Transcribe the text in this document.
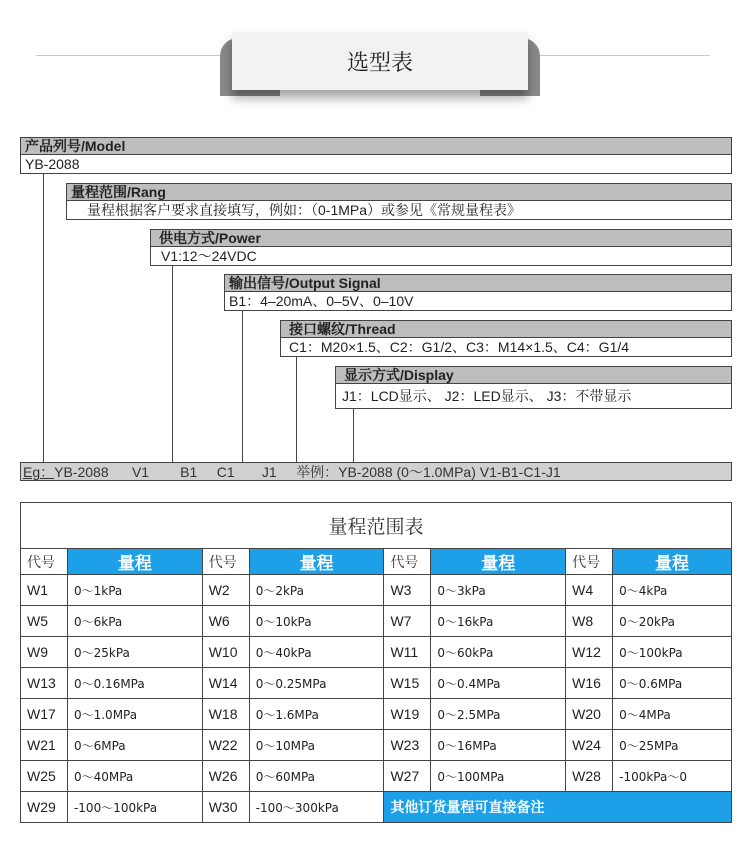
选型表
产品列号/Model
YB-2088
量程范围/Rang
量程根据客户要求直接填写，例如：（0-1MPa）或参见《常规量程表》
供电方式/Power
V1:12～24VDC
输出信号/Output Signal
B1：4–20mA、0–5V、0–10V
接口螺纹/Thread
C1：M20×1.5、C2：G1/2、C3：M14×1.5、C4：G1/4
显示方式/Display
J1：LCD显示、 J2：LED显示、 J3：不带显示
Eg：YB-2088      V1        B1     C1       J1 举例：YB-2088 (0～1.0MPa) V1-B1-C1-J1
量程范围表							
代号	量程	代号	量程	代号	量程	代号	量程
W1	0～1kPa	W2	0～2kPa	W3	0～3kPa	W4	0～4kPa
W5	0～6kPa	W6	0～10kPa	W7	0～16kPa	W8	0～20kPa
W9	0～25kPa	W10	0～40kPa	W11	0～60kPa	W12	0～100kPa
W13	0～0.16MPa	W14	0～0.25MPa	W15	0～0.4MPa	W16	0～0.6MPa
W17	0～1.0MPa	W18	0～1.6MPa	W19	0～2.5MPa	W20	0～4MPa
W21	0～6MPa	W22	0～10MPa	W23	0～16MPa	W24	0～25MPa
W25	0～40MPa	W26	0～60MPa	W27	0～100MPa	W28	-100kPa～0
W29	-100～100kPa	W30	-100～300kPa	其他订货量程可直接备注			
